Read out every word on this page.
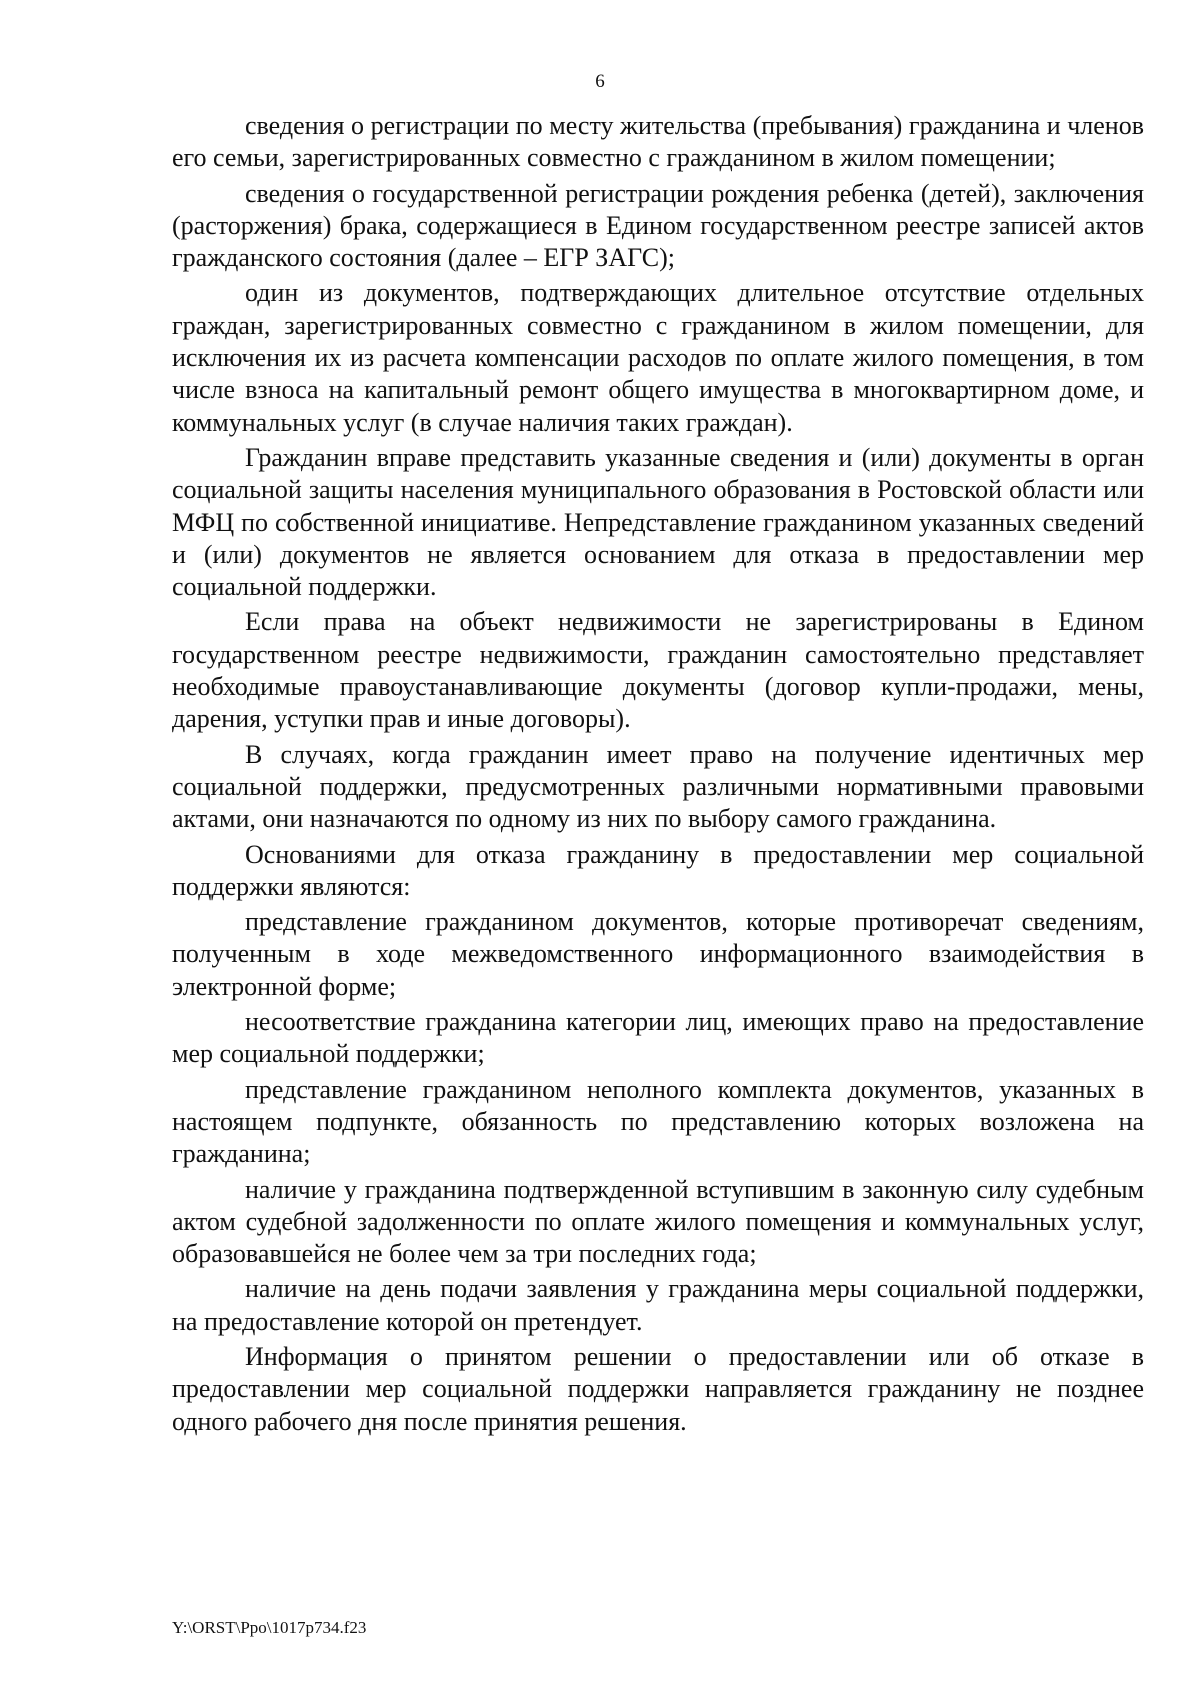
6

сведения о регистрации по месту жительства (пребывания) гражданина и членов его семьи, зарегистрированных совместно с гражданином в жилом помещении;

сведения о государственной регистрации рождения ребенка (детей), заключения (расторжения) брака, содержащиеся в Едином государственном реестре записей актов гражданского состояния (далее – ЕГР ЗАГС);

один из документов, подтверждающих длительное отсутствие отдельных граждан, зарегистрированных совместно с гражданином в жилом помещении, для исключения их из расчета компенсации расходов по оплате жилого помещения, в том числе взноса на капитальный ремонт общего имущества в многоквартирном доме, и коммунальных услуг (в случае наличия таких граждан).

Гражданин вправе представить указанные сведения и (или) документы в орган социальной защиты населения муниципального образования в Ростовской области или МФЦ по собственной инициативе. Непредставление гражданином указанных сведений и (или) документов не является основанием для отказа в предоставлении мер социальной поддержки.

Если права на объект недвижимости не зарегистрированы в Едином государственном реестре недвижимости, гражданин самостоятельно представляет необходимые правоустанавливающие документы (договор купли-продажи, мены, дарения, уступки прав и иные договоры).

В случаях, когда гражданин имеет право на получение идентичных мер социальной поддержки, предусмотренных различными нормативными правовыми актами, они назначаются по одному из них по выбору самого гражданина.

Основаниями для отказа гражданину в предоставлении мер социальной поддержки являются:

представление гражданином документов, которые противоречат сведениям, полученным в ходе межведомственного информационного взаимодействия в электронной форме;

несоответствие гражданина категории лиц, имеющих право на предоставление мер социальной поддержки;

представление гражданином неполного комплекта документов, указанных в настоящем подпункте, обязанность по представлению которых возложена на гражданина;

наличие у гражданина подтвержденной вступившим в законную силу судебным актом судебной задолженности по оплате жилого помещения и коммунальных услуг, образовавшейся не более чем за три последних года;

наличие на день подачи заявления у гражданина меры социальной поддержки, на предоставление которой он претендует.

Информация о принятом решении о предоставлении или об отказе в предоставлении мер социальной поддержки направляется гражданину не позднее одного рабочего дня после принятия решения.

Y:\ORST\Ppo\1017p734.f23
